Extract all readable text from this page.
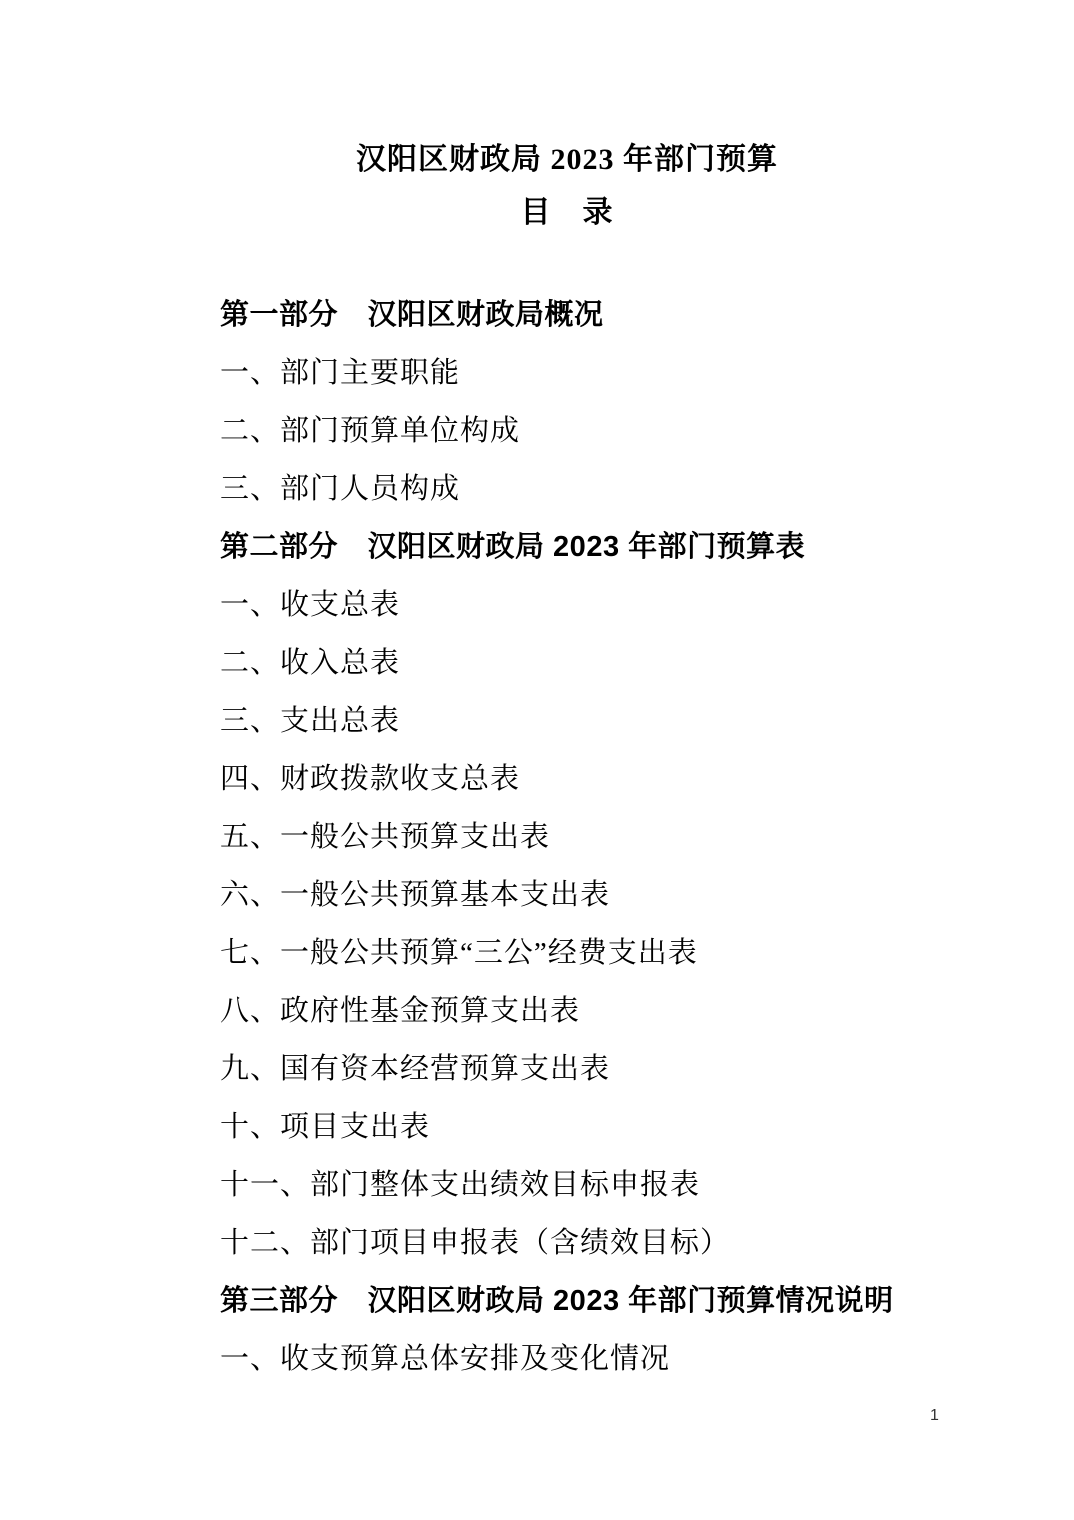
汉阳区财政局 2023 年部门预算
目　录
第一部分　汉阳区财政局概况
一、部门主要职能
二、部门预算单位构成
三、部门人员构成
第二部分　汉阳区财政局 2023 年部门预算表
一、收支总表
二、收入总表
三、支出总表
四、财政拨款收支总表
五、一般公共预算支出表
六、一般公共预算基本支出表
七、一般公共预算“三公”经费支出表
八、政府性基金预算支出表
九、国有资本经营预算支出表
十、项目支出表
十一、部门整体支出绩效目标申报表
十二、部门项目申报表（含绩效目标）
第三部分　汉阳区财政局 2023 年部门预算情况说明
一、收支预算总体安排及变化情况
1
